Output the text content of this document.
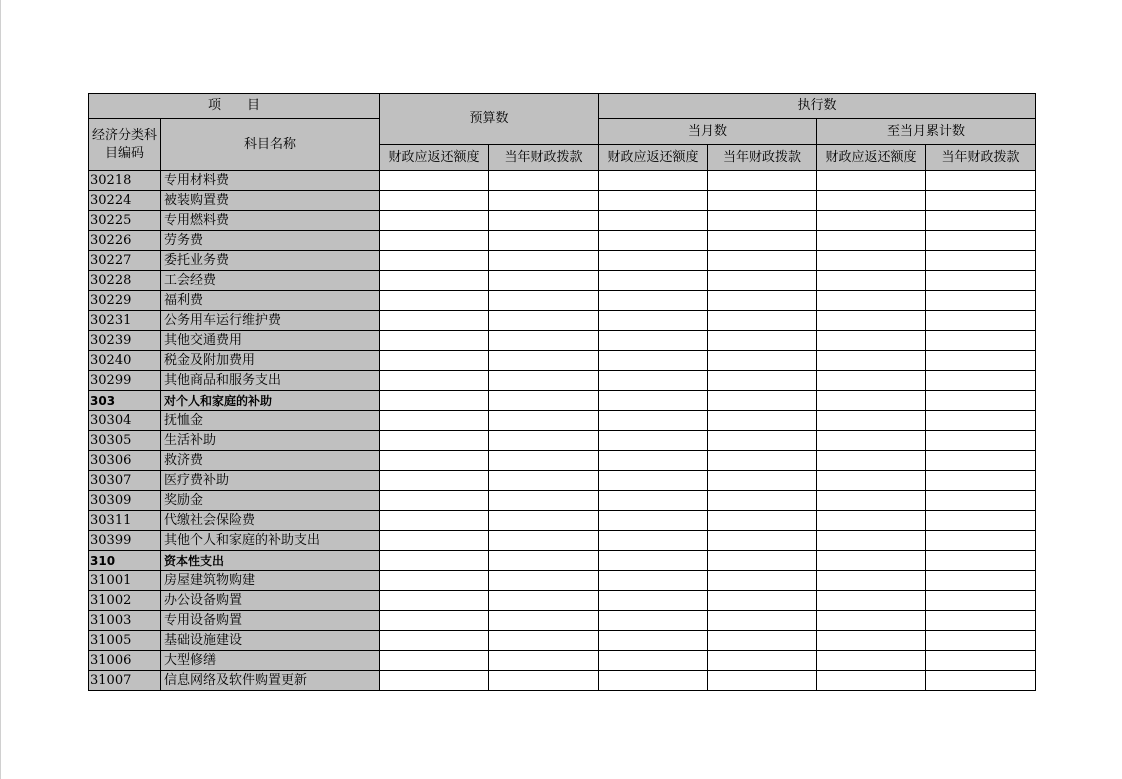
项　　目		预算数		执行数			
经济分类科目编码	科目名称			当月数		至当月累计数	
		财政应返还额度	当年财政拨款	财政应返还额度	当年财政拨款	财政应返还额度	当年财政拨款
30218	专用材料费						
30224	被装购置费						
30225	专用燃料费						
30226	劳务费						
30227	委托业务费						
30228	工会经费						
30229	福利费						
30231	公务用车运行维护费						
30239	其他交通费用						
30240	税金及附加费用						
30299	其他商品和服务支出						
303	对个人和家庭的补助						
30304	抚恤金						
30305	生活补助						
30306	救济费						
30307	医疗费补助						
30309	奖励金						
30311	代缴社会保险费						
30399	其他个人和家庭的补助支出						
310	资本性支出						
31001	房屋建筑物购建						
31002	办公设备购置						
31003	专用设备购置						
31005	基础设施建设						
31006	大型修缮						
31007	信息网络及软件购置更新						
